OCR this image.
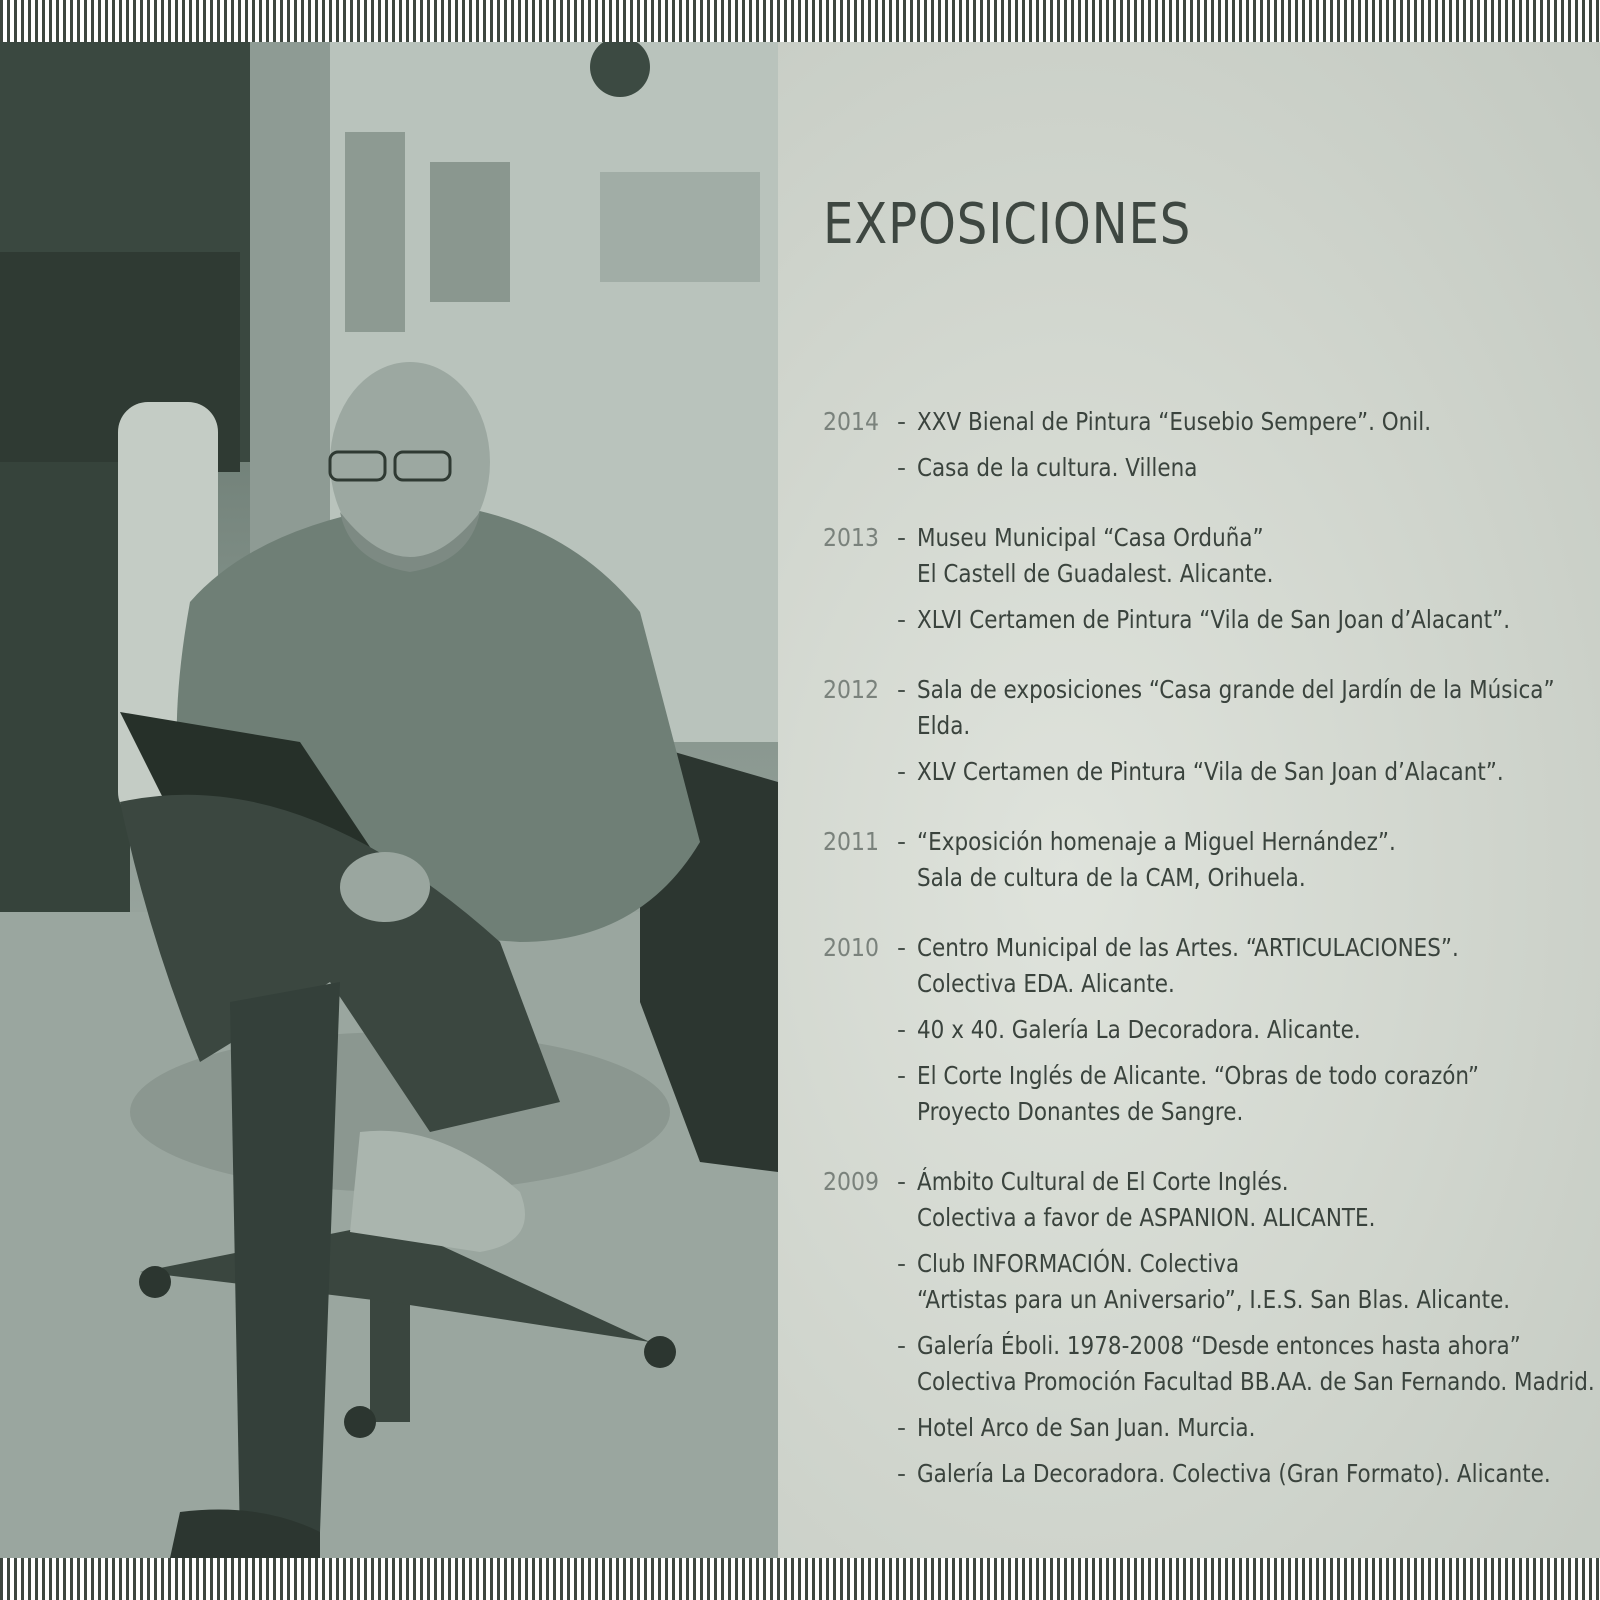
EXPOSICIONES
2014 - XXV Bienal de Pintura “Eusebio Sempere”. Onil.
- Casa de la cultura. Villena
2013 - Museu Municipal “Casa Orduña”
El Castell de Guadalest. Alicante.
- XLVI Certamen de Pintura “Vila de San Joan d’Alacant”.
2012 - Sala de exposiciones “Casa grande del Jardín de la Música”
Elda.
- XLV Certamen de Pintura “Vila de San Joan d’Alacant”.
2011 - “Exposición homenaje a Miguel Hernández”.
Sala de cultura de la CAM, Orihuela.
2010 - Centro Municipal de las Artes. “ARTICULACIONES”.
Colectiva EDA. Alicante.
- 40 x 40. Galería La Decoradora. Alicante.
- El Corte Inglés de Alicante. “Obras de todo corazón”
Proyecto Donantes de Sangre.
2009 - Ámbito Cultural de El Corte Inglés.
Colectiva a favor de ASPANION. ALICANTE.
- Club INFORMACIÓN. Colectiva
“Artistas para un Aniversario”, I.E.S. San Blas. Alicante.
- Galería Éboli. 1978-2008 “Desde entonces hasta ahora”
Colectiva Promoción Facultad BB.AA. de San Fernando. Madrid.
- Hotel Arco de San Juan. Murcia.
- Galería La Decoradora. Colectiva (Gran Formato). Alicante.
